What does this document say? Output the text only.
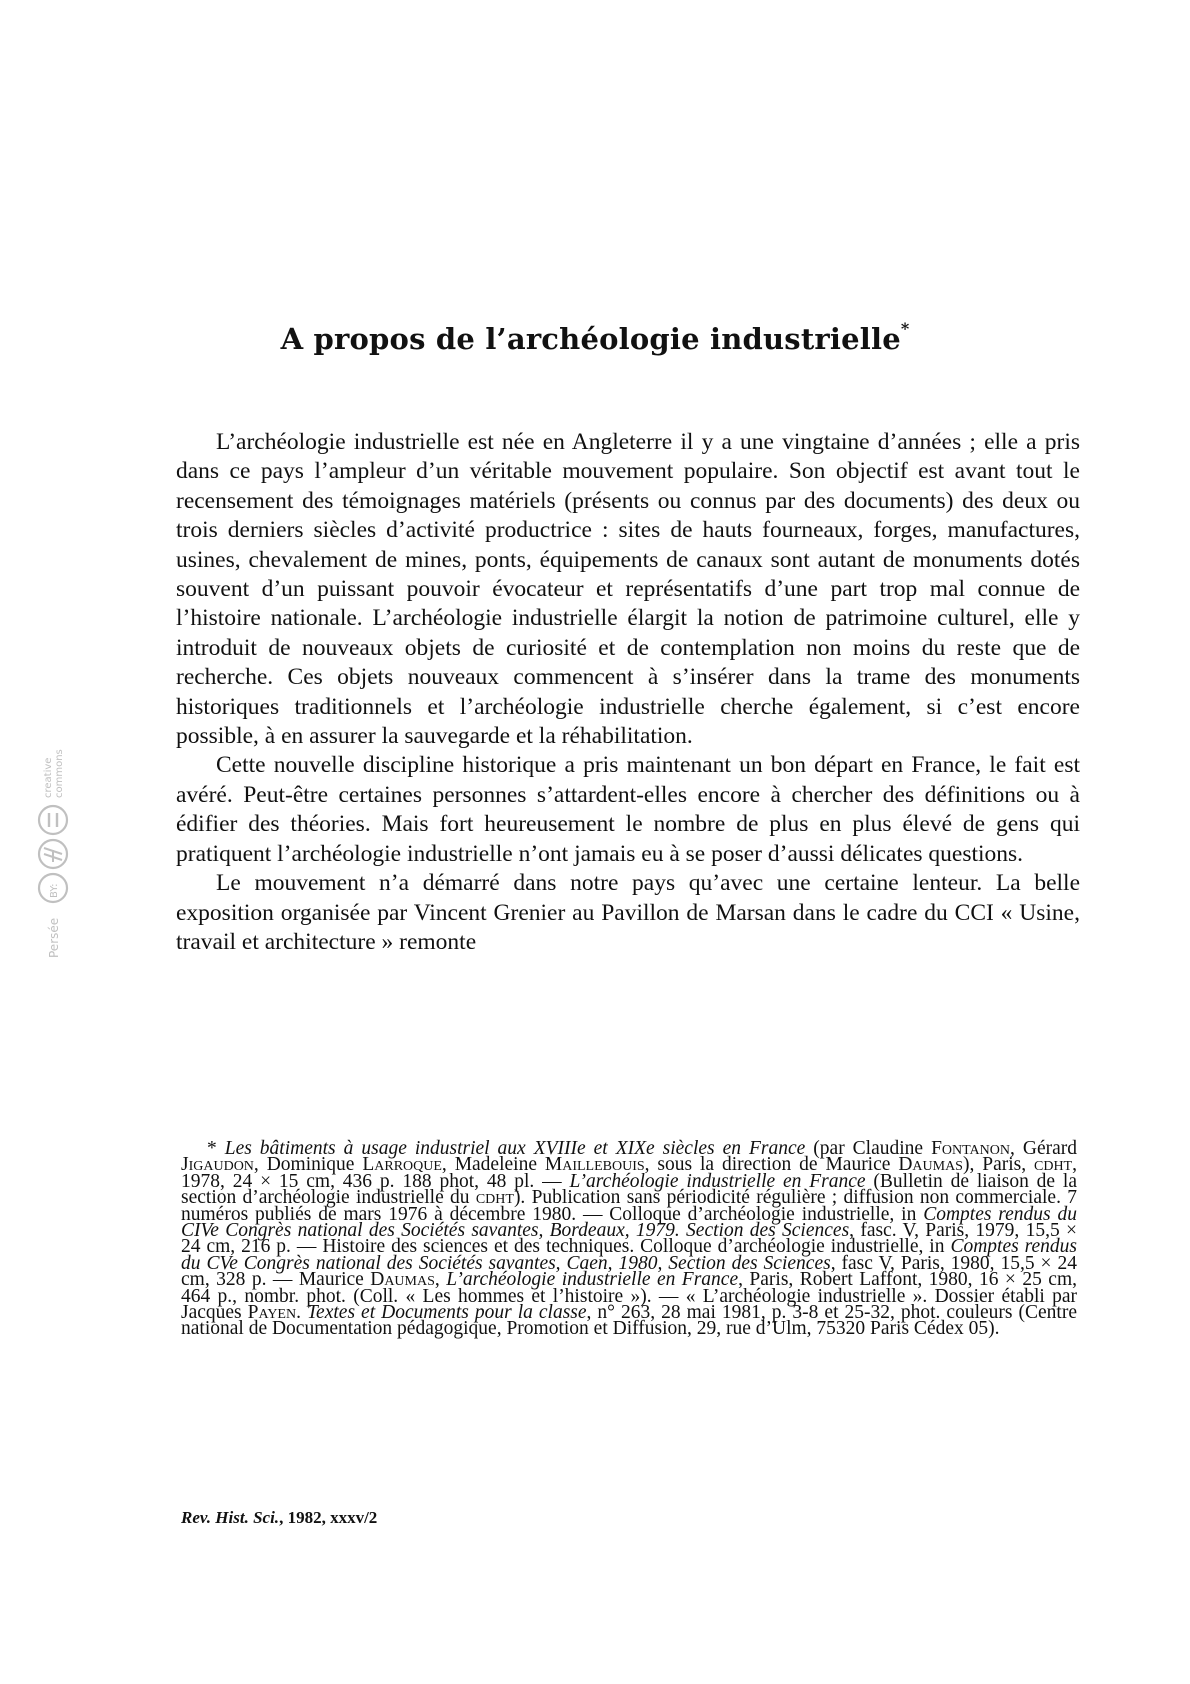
Persée
BY:
creative commons
A propos de l’archéologie industrielle*

L’archéologie industrielle est née en Angleterre il y a une vingtaine d’années ; elle a pris dans ce pays l’ampleur d’un véritable mouvement populaire. Son objectif est avant tout le recensement des témoignages matériels (présents ou connus par des documents) des deux ou trois derniers siècles d’activité productrice : sites de hauts fourneaux, forges, manufactures, usines, chevalement de mines, ponts, équipements de canaux sont autant de monuments dotés souvent d’un puissant pouvoir évocateur et représentatifs d’une part trop mal connue de l’histoire nationale. L’archéologie industrielle élargit la notion de patrimoine culturel, elle y introduit de nouveaux objets de curiosité et de contemplation non moins du reste que de recherche. Ces objets nouveaux commencent à s’insérer dans la trame des monuments historiques traditionnels et l’archéologie industrielle cherche également, si c’est encore possible, à en assurer la sauvegarde et la réhabilitation.

Cette nouvelle discipline historique a pris maintenant un bon départ en France, le fait est avéré. Peut-être certaines personnes s’attardent-elles encore à chercher des définitions ou à édifier des théories. Mais fort heureusement le nombre de plus en plus élevé de gens qui pratiquent l’archéologie industrielle n’ont jamais eu à se poser d’aussi délicates questions.

Le mouvement n’a démarré dans notre pays qu’avec une certaine lenteur. La belle exposition organisée par Vincent Grenier au Pavillon de Marsan dans le cadre du CCI « Usine, travail et architecture » remonte

* Les bâtiments à usage industriel aux XVIIIe et XIXe siècles en France (par Claudine Fontanon, Gérard Jigaudon, Dominique Larroque, Madeleine Maillebouis, sous la direction de Maurice Daumas), Paris, cdht, 1978, 24 × 15 cm, 436 p. 188 phot, 48 pl. — L’archéologie industrielle en France (Bulletin de liaison de la section d’archéologie industrielle du cdht). Publication sans périodicité régulière ; diffusion non commerciale. 7 numéros publiés de mars 1976 à décembre 1980. — Colloque d’archéologie industrielle, in Comptes rendus du CIVe Congrès national des Sociétés savantes, Bordeaux, 1979. Section des Sciences, fasc. V, Paris, 1979, 15,5 × 24 cm, 216 p. — Histoire des sciences et des techniques. Colloque d’archéologie industrielle, in Comptes rendus du CVe Congrès national des Sociétés savantes, Caen, 1980, Section des Sciences, fasc V, Paris, 1980, 15,5 × 24 cm, 328 p. — Maurice Daumas, L’archéologie industrielle en France, Paris, Robert Laffont, 1980, 16 × 25 cm, 464 p., nombr. phot. (Coll. « Les hommes et l’histoire »). — « L’archéologie industrielle ». Dossier établi par Jacques Payen. Textes et Documents pour la classe, n° 263, 28 mai 1981, p. 3-8 et 25-32, phot. couleurs (Centre national de Documentation pédagogique, Promotion et Diffusion, 29, rue d’Ulm, 75320 Paris Cédex 05).
Rev. Hist. Sci., 1982, xxxv/2
